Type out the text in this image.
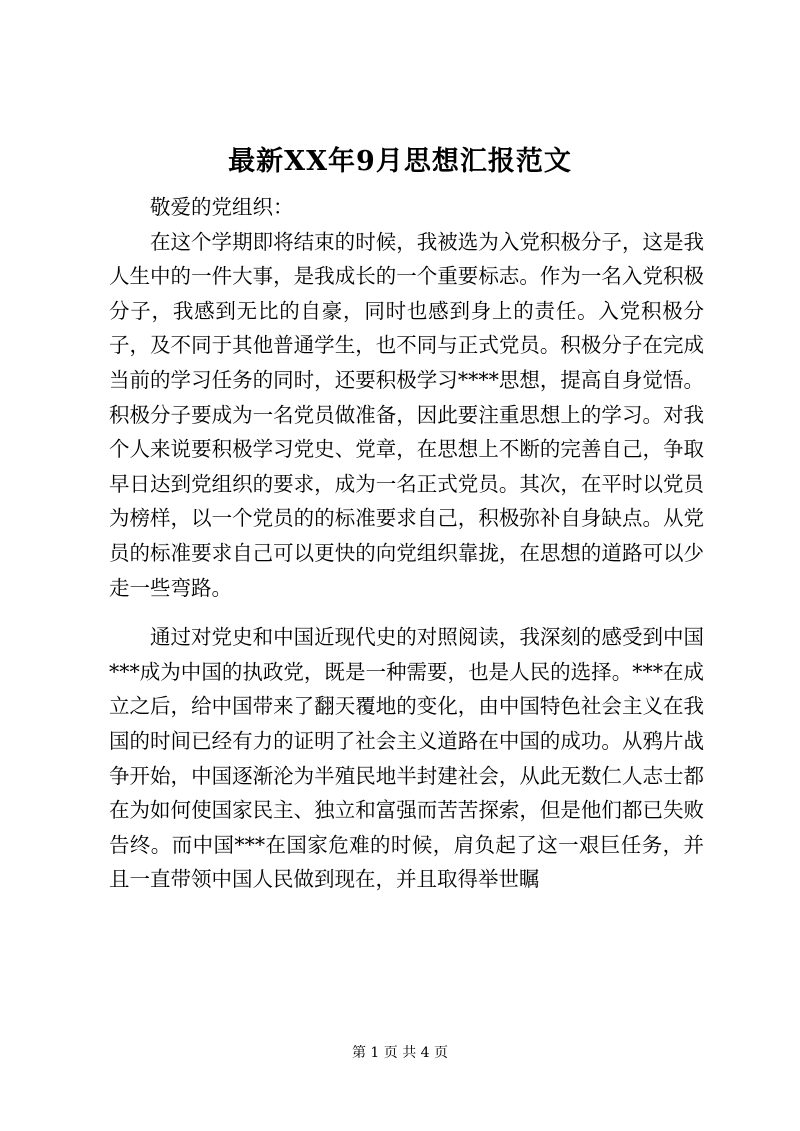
最新XX年9月思想汇报范文

敬爱的党组织：

在这个学期即将结束的时候，我被选为入党积极分子，这是我人生中的一件大事，是我成长的一个重要标志。作为一名入党积极分子，我感到无比的自豪，同时也感到身上的责任。入党积极分子，及不同于其他普通学生，也不同与正式党员。积极分子在完成当前的学习任务的同时，还要积极学习****思想，提高自身觉悟。积极分子要成为一名党员做准备，因此要注重思想上的学习。对我个人来说要积极学习党史、党章，在思想上不断的完善自己，争取早日达到党组织的要求，成为一名正式党员。其次，在平时以党员为榜样，以一个党员的的标准要求自己，积极弥补自身缺点。从党员的标准要求自己可以更快的向党组织靠拢，在思想的道路可以少走一些弯路。

通过对党史和中国近现代史的对照阅读，我深刻的感受到中国***成为中国的执政党，既是一种需要，也是人民的选择。***在成立之后，给中国带来了翻天覆地的变化，由中国特色社会主义在我国的时间已经有力的证明了社会主义道路在中国的成功。从鸦片战争开始，中国逐渐沦为半殖民地半封建社会，从此无数仁人志士都在为如何使国家民主、独立和富强而苦苦探索，但是他们都已失败告终。而中国***在国家危难的时候，肩负起了这一艰巨任务，并且一直带领中国人民做到现在，并且取得举世瞩

第 1 页 共 4 页
